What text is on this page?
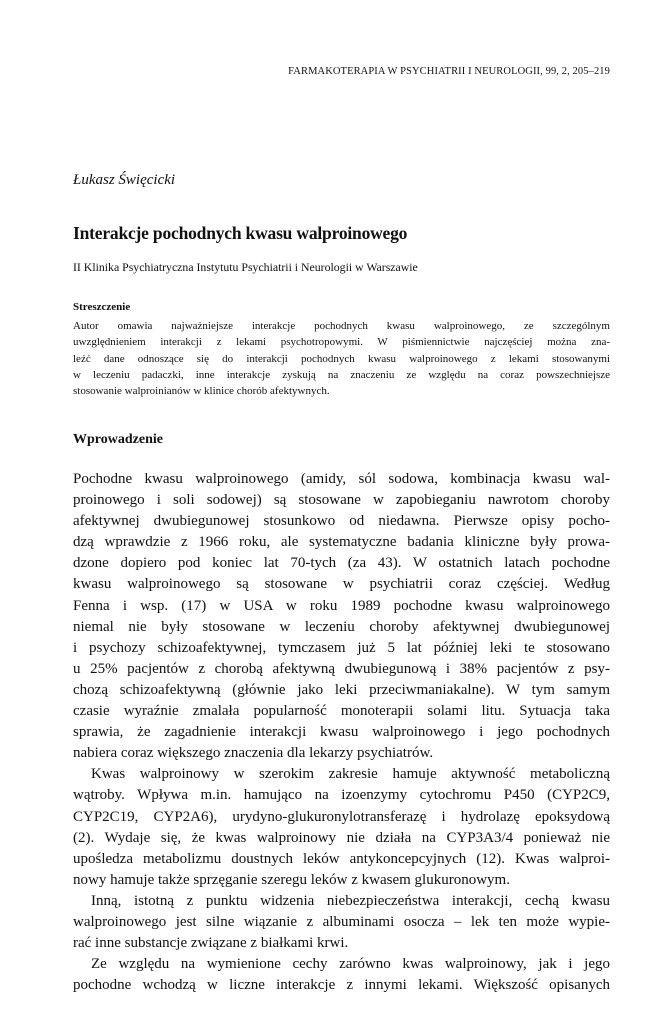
FARMAKOTERAPIA W PSYCHIATRII I NEUROLOGII, 99, 2, 205–219
Łukasz Święcicki
Interakcje pochodnych kwasu walproinowego
II Klinika Psychiatryczna Instytutu Psychiatrii i Neurologii w Warszawie
Streszczenie
Autor omawia najważniejsze interakcje pochodnych kwasu walproinowego, ze szczególnym
uwzględnieniem interakcji z lekami psychotropowymi. W piśmiennictwie najczęściej można zna-
leźć dane odnoszące się do interakcji pochodnych kwasu walproinowego z lekami stosowanymi
w leczeniu padaczki, inne interakcje zyskują na znaczeniu ze względu na coraz powszechniejsze
stosowanie walproinianów w klinice chorób afektywnych.
Wprowadzenie
Pochodne kwasu walproinowego (amidy, sól sodowa, kombinacja kwasu wal-
proinowego i soli sodowej) są stosowane w zapobieganiu nawrotom choroby
afektywnej dwubiegunowej stosunkowo od niedawna. Pierwsze opisy pocho-
dzą wprawdzie z 1966 roku, ale systematyczne badania kliniczne były prowa-
dzone dopiero pod koniec lat 70-tych (za 43). W ostatnich latach pochodne
kwasu walproinowego są stosowane w psychiatrii coraz częściej. Według
Fenna i wsp. (17) w USA w roku 1989 pochodne kwasu walproinowego
niemal nie były stosowane w leczeniu choroby afektywnej dwubiegunowej
i psychozy schizoafektywnej, tymczasem już 5 lat później leki te stosowano
u 25% pacjentów z chorobą afektywną dwubiegunową i 38% pacjentów z psy-
chozą schizoafektywną (głównie jako leki przeciwmaniakalne). W tym samym
czasie wyraźnie zmalała popularność monoterapii solami litu. Sytuacja taka
sprawia, że zagadnienie interakcji kwasu walproinowego i jego pochodnych
nabiera coraz większego znaczenia dla lekarzy psychiatrów.
Kwas walproinowy w szerokim zakresie hamuje aktywność metaboliczną
wątroby. Wpływa m.in. hamująco na izoenzymy cytochromu P450 (CYP2C9,
CYP2C19, CYP2A6), urydyno-glukuronylotransferazę i hydrolazę epoksydową
(2). Wydaje się, że kwas walproinowy nie działa na CYP3A3/4 ponieważ nie
upośledza metabolizmu doustnych leków antykoncepcyjnych (12). Kwas walproi-
nowy hamuje także sprzęganie szeregu leków z kwasem glukuronowym.
Inną, istotną z punktu widzenia niebezpieczeństwa interakcji, cechą kwasu
walproinowego jest silne wiązanie z albuminami osocza – lek ten może wypie-
rać inne substancje związane z białkami krwi.
Ze względu na wymienione cechy zarówno kwas walproinowy, jak i jego
pochodne wchodzą w liczne interakcje z innymi lekami. Większość opisanych
